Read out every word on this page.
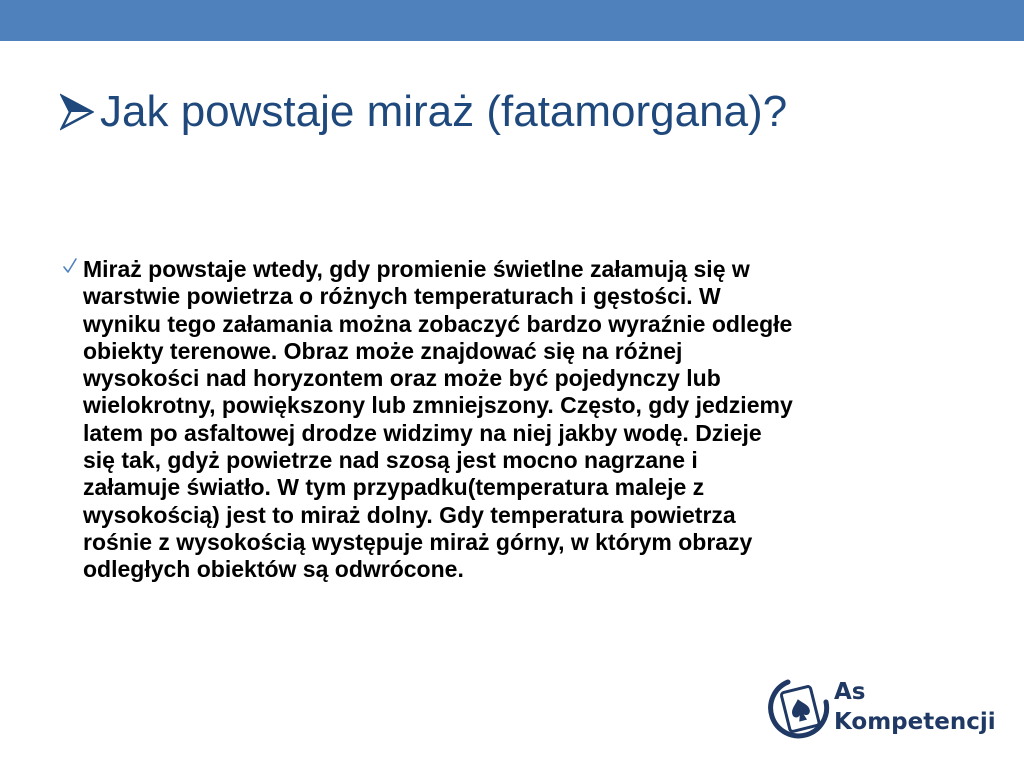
Jak powstaje miraż (fatamorgana)?
Miraż powstaje wtedy, gdy promienie świetlne załamują się w
warstwie powietrza o różnych temperaturach i gęstości. W
wyniku tego załamania można zobaczyć bardzo wyraźnie odległe
obiekty terenowe. Obraz może znajdować się na różnej
wysokości nad horyzontem oraz może być pojedynczy lub
wielokrotny, powiększony lub zmniejszony. Często, gdy jedziemy
latem po asfaltowej drodze widzimy na niej jakby wodę. Dzieje
się tak, gdyż powietrze nad szosą jest mocno nagrzane i
załamuje światło. W tym przypadku(temperatura maleje z
wysokością) jest to miraż dolny. Gdy temperatura powietrza
rośnie z wysokością występuje miraż górny, w którym obrazy
odległych obiektów są odwrócone.
As
Kompetencji
